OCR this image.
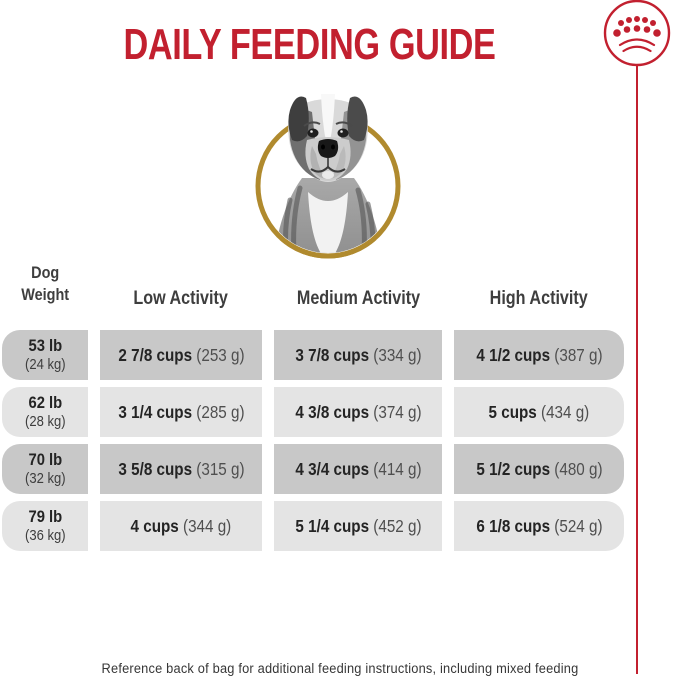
DAILY FEEDING GUIDE
Dog
Weight	Low Activity	Medium Activity	High Activity
53 lb
(24 kg)	2 7/8 cups (253 g)	3 7/8 cups (334 g)	4 1/2 cups (387 g)
62 lb
(28 kg)	3 1/4 cups (285 g)	4 3/8 cups (374 g)	5 cups (434 g)
70 lb
(32 kg)	3 5/8 cups (315 g)	4 3/4 cups (414 g)	5 1/2 cups (480 g)
79 lb
(36 kg)	4 cups (344 g)	5 1/4 cups (452 g)	6 1/8 cups (524 g)
Reference back of bag for additional feeding instructions, including mixed feeding
